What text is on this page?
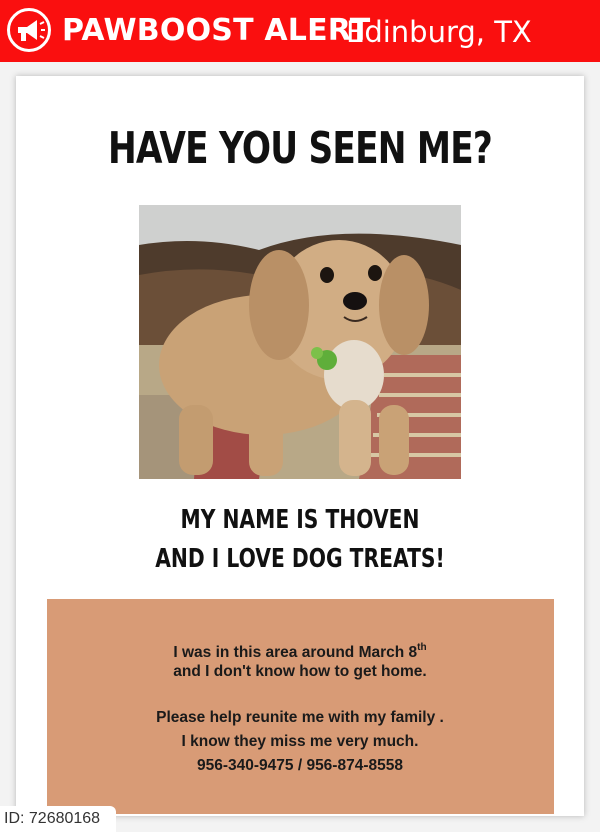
PAWBOOST ALERT
Edinburg, TX
HAVE YOU SEEN ME?
MY NAME IS THOVEN
AND I LOVE DOG TREATS!
I was in this area around March 8th
and I don't know how to get home.
Please help reunite me with my family .
I know they miss me very much.
956-340-9475 / 956-874-8558
ID: 72680168
